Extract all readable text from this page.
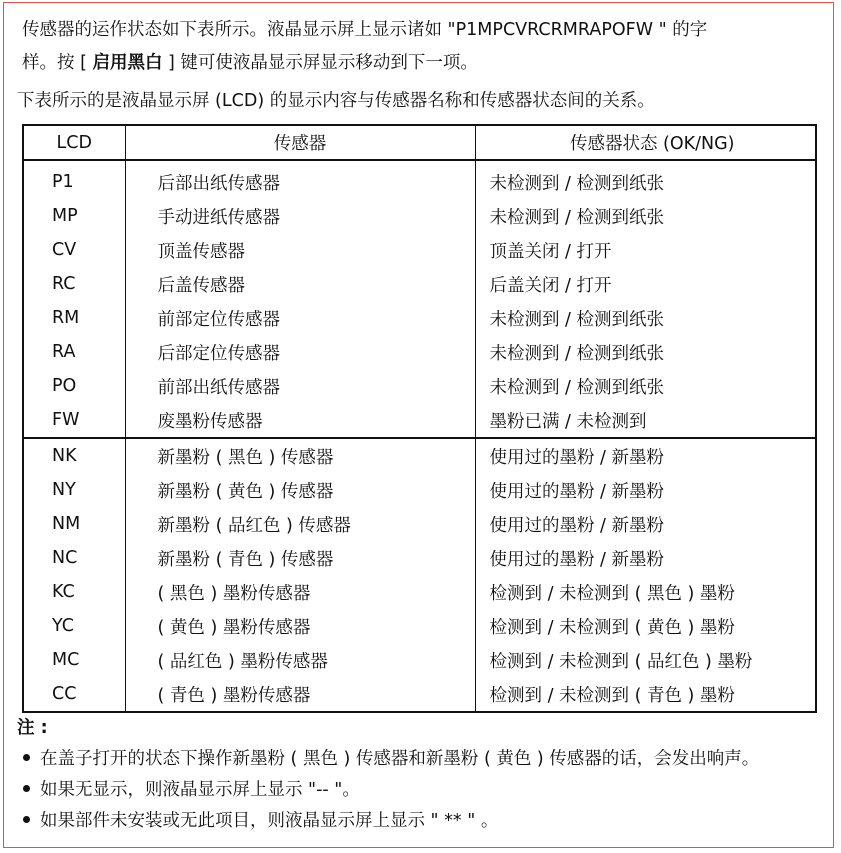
传感器的运作状态如下表所示。液晶显示屏上显示诸如 "P1MPCVRCRMRAPOFW " 的字
样。按 [ 启用黑白 ] 键可使液晶显示屏显示移动到下一项。
下表所示的是液晶显示屏 (LCD) 的显示内容与传感器名称和传感器状态间的关系。
LCD	传感器	传感器状态 (OK/NG)
P1	后部出纸传感器	未检测到 / 检测到纸张
MP	手动进纸传感器	未检测到 / 检测到纸张
CV	顶盖传感器	顶盖关闭 / 打开
RC	后盖传感器	后盖关闭 / 打开
RM	前部定位传感器	未检测到 / 检测到纸张
RA	后部定位传感器	未检测到 / 检测到纸张
PO	前部出纸传感器	未检测到 / 检测到纸张
FW	废墨粉传感器	墨粉已满 / 未检测到
NK	新墨粉 ( 黑色 ) 传感器	使用过的墨粉 / 新墨粉
NY	新墨粉 ( 黄色 ) 传感器	使用过的墨粉 / 新墨粉
NM	新墨粉 ( 品红色 ) 传感器	使用过的墨粉 / 新墨粉
NC	新墨粉 ( 青色 ) 传感器	使用过的墨粉 / 新墨粉
KC	( 黑色 ) 墨粉传感器	检测到 / 未检测到 ( 黑色 ) 墨粉
YC	( 黄色 ) 墨粉传感器	检测到 / 未检测到 ( 黄色 ) 墨粉
MC	( 品红色 ) 墨粉传感器	检测到 / 未检测到 ( 品红色 ) 墨粉
CC	( 青色 ) 墨粉传感器	检测到 / 未检测到 ( 青色 ) 墨粉
注 :
在盖子打开的状态下操作新墨粉 ( 黑色 ) 传感器和新墨粉 ( 黄色 ) 传感器的话，会发出响声。
如果无显示，则液晶显示屏上显示 "-- "。
如果部件未安装或无此项目，则液晶显示屏上显示 " ** " 。
